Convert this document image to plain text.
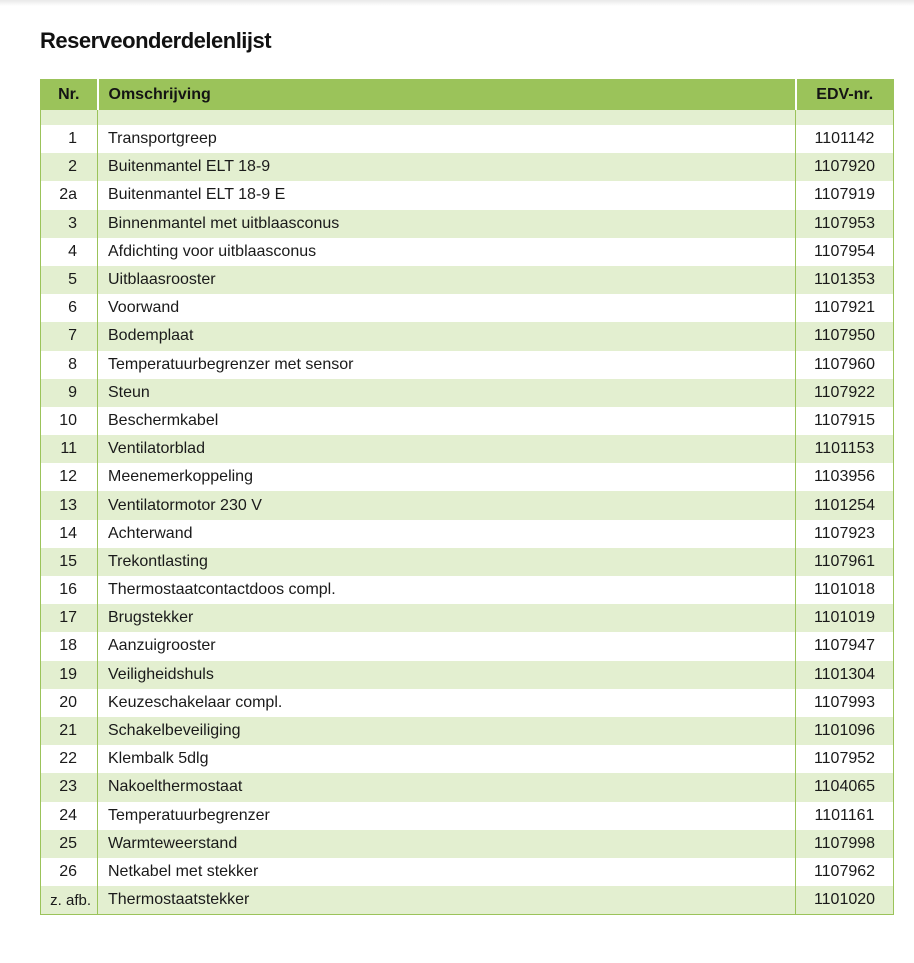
Reserveonderdelenlijst
Nr.	Omschrijving	EDV-nr.

1	Transportgreep	1101142
2	Buitenmantel ELT 18-9	1107920
2a	Buitenmantel ELT 18-9 E	1107919
3	Binnenmantel met uitblaasconus	1107953
4	Afdichting voor uitblaasconus	1107954
5	Uitblaasrooster	1101353
6	Voorwand	1107921
7	Bodemplaat	1107950
8	Temperatuurbegrenzer met sensor	1107960
9	Steun	1107922
10	Beschermkabel	1107915
11	Ventilatorblad	1101153
12	Meenemerkoppeling	1103956
13	Ventilatormotor 230 V	1101254
14	Achterwand	1107923
15	Trekontlasting	1107961
16	Thermostaatcontactdoos compl.	1101018
17	Brugstekker	1101019
18	Aanzuigrooster	1107947
19	Veiligheidshuls	1101304
20	Keuzeschakelaar compl.	1107993
21	Schakelbeveiliging	1101096
22	Klembalk 5dlg	1107952
23	Nakoelthermostaat	1104065
24	Temperatuurbegrenzer	1101161
25	Warmteweerstand	1107998
26	Netkabel met stekker	1107962
z. afb.	Thermostaatstekker	1101020
